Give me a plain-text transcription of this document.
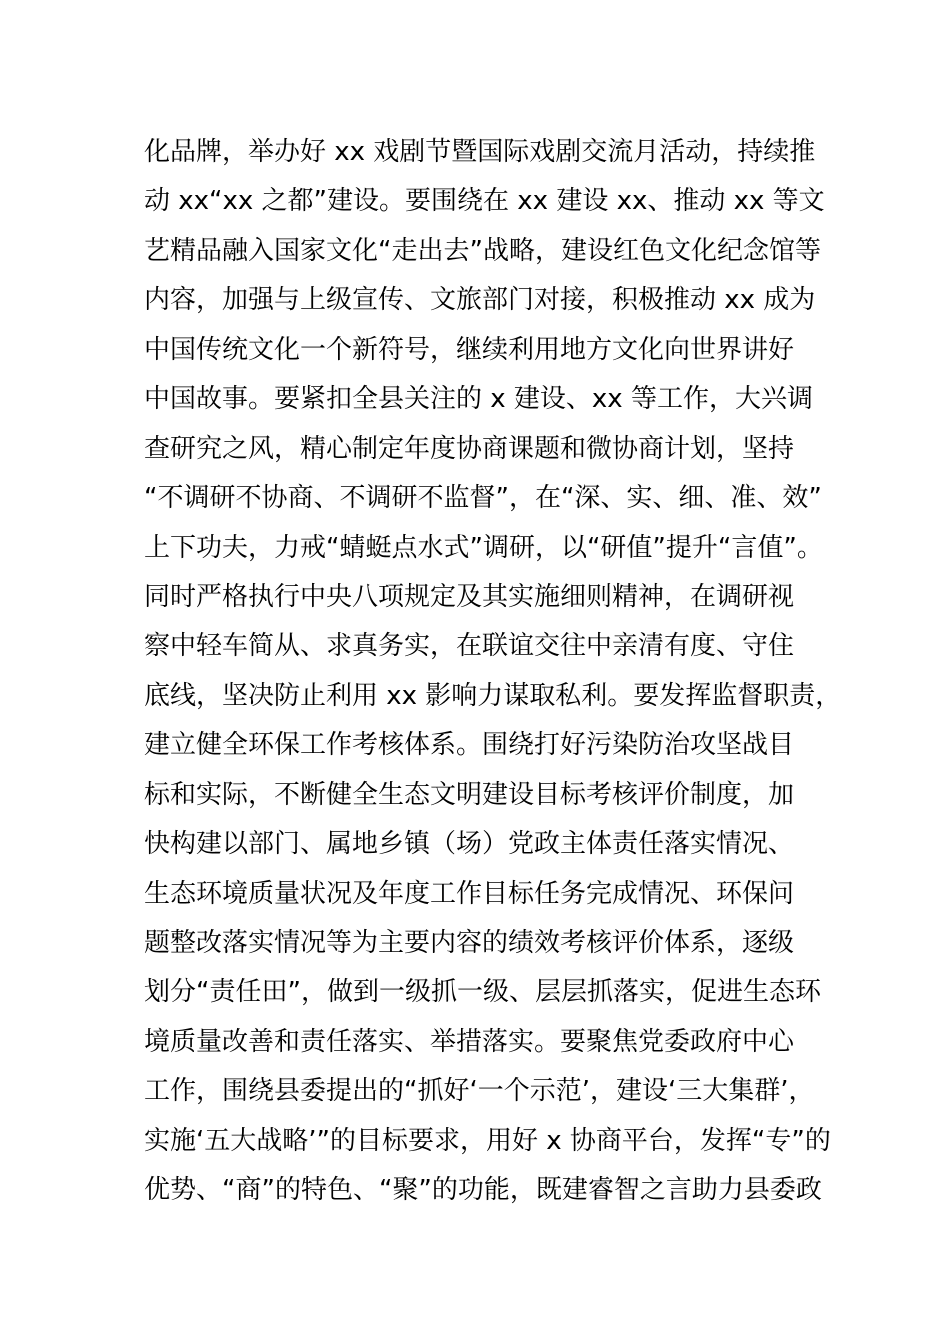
化品牌，举办好 xx 戏剧节暨国际戏剧交流月活动，持续推
动 xx“xx 之都”建设。要围绕在 xx 建设 xx、推动 xx 等文
艺精品融入国家文化“走出去”战略，建设红色文化纪念馆等
内容，加强与上级宣传、文旅部门对接，积极推动 xx 成为
中国传统文化一个新符号，继续利用地方文化向世界讲好
中国故事。要紧扣全县关注的 x 建设、xx 等工作，大兴调
查研究之风，精心制定年度协商课题和微协商计划，坚持
“不调研不协商、不调研不监督”，在“深、实、细、准、效”
上下功夫，力戒“蜻蜓点水式”调研，以“研值”提升“言值”。
同时严格执行中央八项规定及其实施细则精神，在调研视
察中轻车简从、求真务实，在联谊交往中亲清有度、守住
底线，坚决防止利用 xx 影响力谋取私利。要发挥监督职责，
建立健全环保工作考核体系。围绕打好污染防治攻坚战目
标和实际，不断健全生态文明建设目标考核评价制度，加
快构建以部门、属地乡镇（场）党政主体责任落实情况、
生态环境质量状况及年度工作目标任务完成情况、环保问
题整改落实情况等为主要内容的绩效考核评价体系，逐级
划分“责任田”，做到一级抓一级、层层抓落实，促进生态环
境质量改善和责任落实、举措落实。要聚焦党委政府中心
工作，围绕县委提出的“抓好‘一个示范’，建设‘三大集群’，
实施‘五大战略’”的目标要求，用好 x 协商平台，发挥“专”的
优势、“商”的特色、“聚”的功能，既建睿智之言助力县委政
